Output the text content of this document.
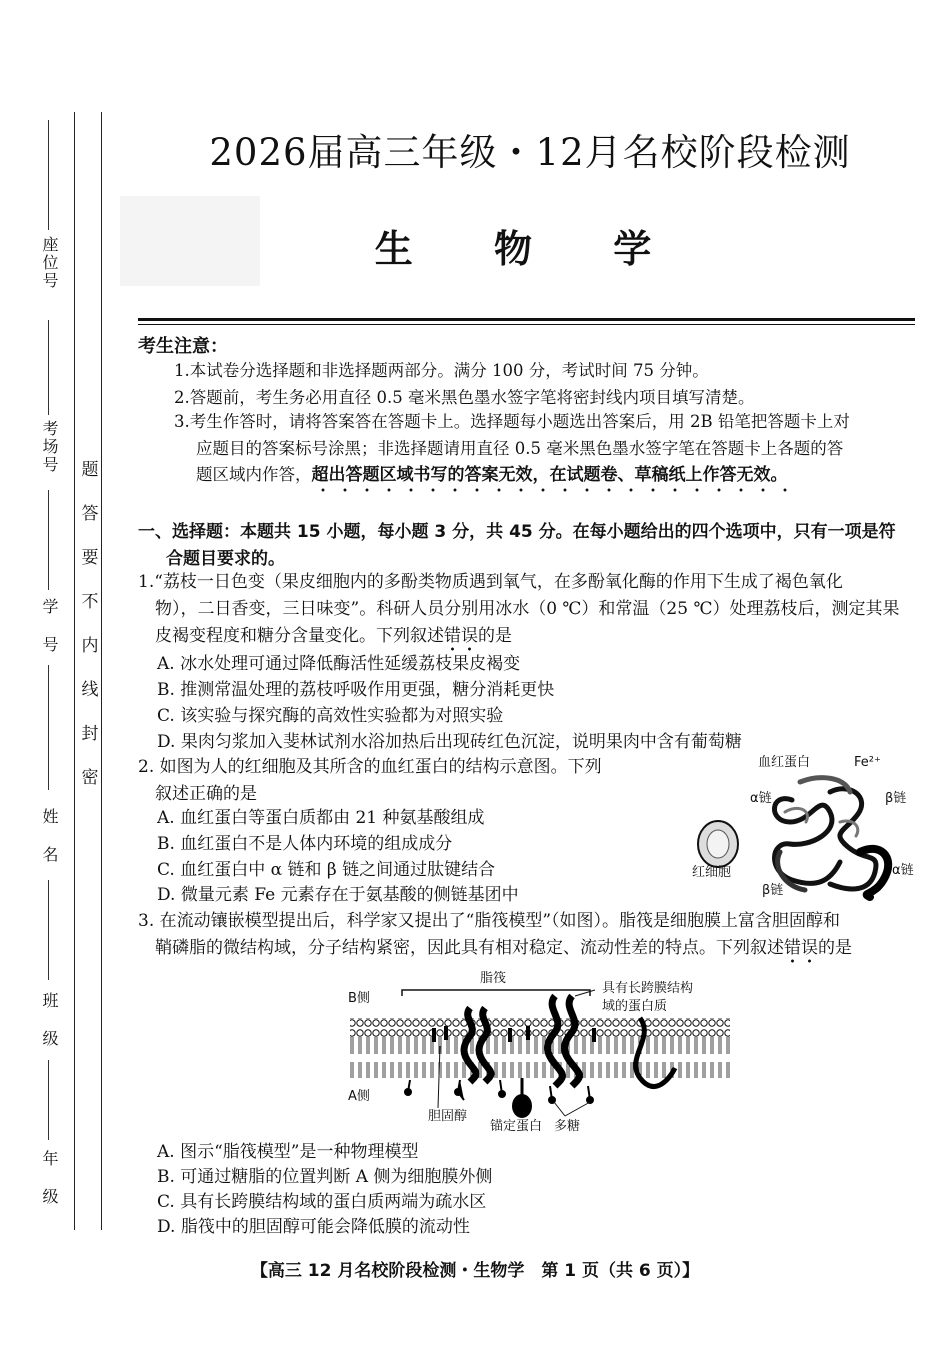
座位号
考场号
学号
姓名
班级
年级
题
答
要
不
内
线
封
密
2026届高三年级・12月名校阶段检测
生 物 学
考生注意：
1.本试卷分选择题和非选择题两部分。满分 100 分，考试时间 75 分钟。
2.答题前，考生务必用直径 0.5 毫米黑色墨水签字笔将密封线内项目填写清楚。
3.考生作答时，请将答案答在答题卡上。选择题每小题选出答案后，用 2B 铅笔把答题卡上对
应题目的答案标号涂黑；非选择题请用直径 0.5 毫米黑色墨水签字笔在答题卡上各题的答
题区域内作答，超出答题区域书写的答案无效，在试题卷、草稿纸上作答无效。
一、选择题：本题共 15 小题，每小题 3 分，共 45 分。在每小题给出的四个选项中，只有一项是符
合题目要求的。
1.“荔枝一日色变（果皮细胞内的多酚类物质遇到氧气，在多酚氧化酶的作用下生成了褐色氧化
物），二日香变，三日味变”。科研人员分别用冰水（0 ℃）和常温（25 ℃）处理荔枝后，测定其果
皮褐变程度和糖分含量变化。下列叙述错误的是
A. 冰水处理可通过降低酶活性延缓荔枝果皮褐变
B. 推测常温处理的荔枝呼吸作用更强，糖分消耗更快
C. 该实验与探究酶的高效性实验都为对照实验
D. 果肉匀浆加入斐林试剂水浴加热后出现砖红色沉淀，说明果肉中含有葡萄糖
2. 如图为人的红细胞及其所含的血红蛋白的结构示意图。下列
叙述正确的是
A. 血红蛋白等蛋白质都由 21 种氨基酸组成
B. 血红蛋白不是人体内环境的组成成分
C. 血红蛋白中 α 链和 β 链之间通过肽键结合
D. 微量元素 Fe 元素存在于氨基酸的侧链基团中
血红蛋白	Fe²⁺
α链	β链
红细胞
β链
α链
3. 在流动镶嵌模型提出后，科学家又提出了“脂筏模型”（如图）。脂筏是细胞膜上富含胆固醇和
鞘磷脂的微结构域，分子结构紧密，因此具有相对稳定、流动性差的特点。下列叙述错误的是
脂筏
B侧
A侧
具有长跨膜结构
域的蛋白质
胆固醇
锚定蛋白 多糖
A. 图示“脂筏模型”是一种物理模型
B. 可通过糖脂的位置判断 A 侧为细胞膜外侧
C. 具有长跨膜结构域的蛋白质两端为疏水区
D. 脂筏中的胆固醇可能会降低膜的流动性
【高三 12 月名校阶段检测・生物学　第 1 页（共 6 页）】
